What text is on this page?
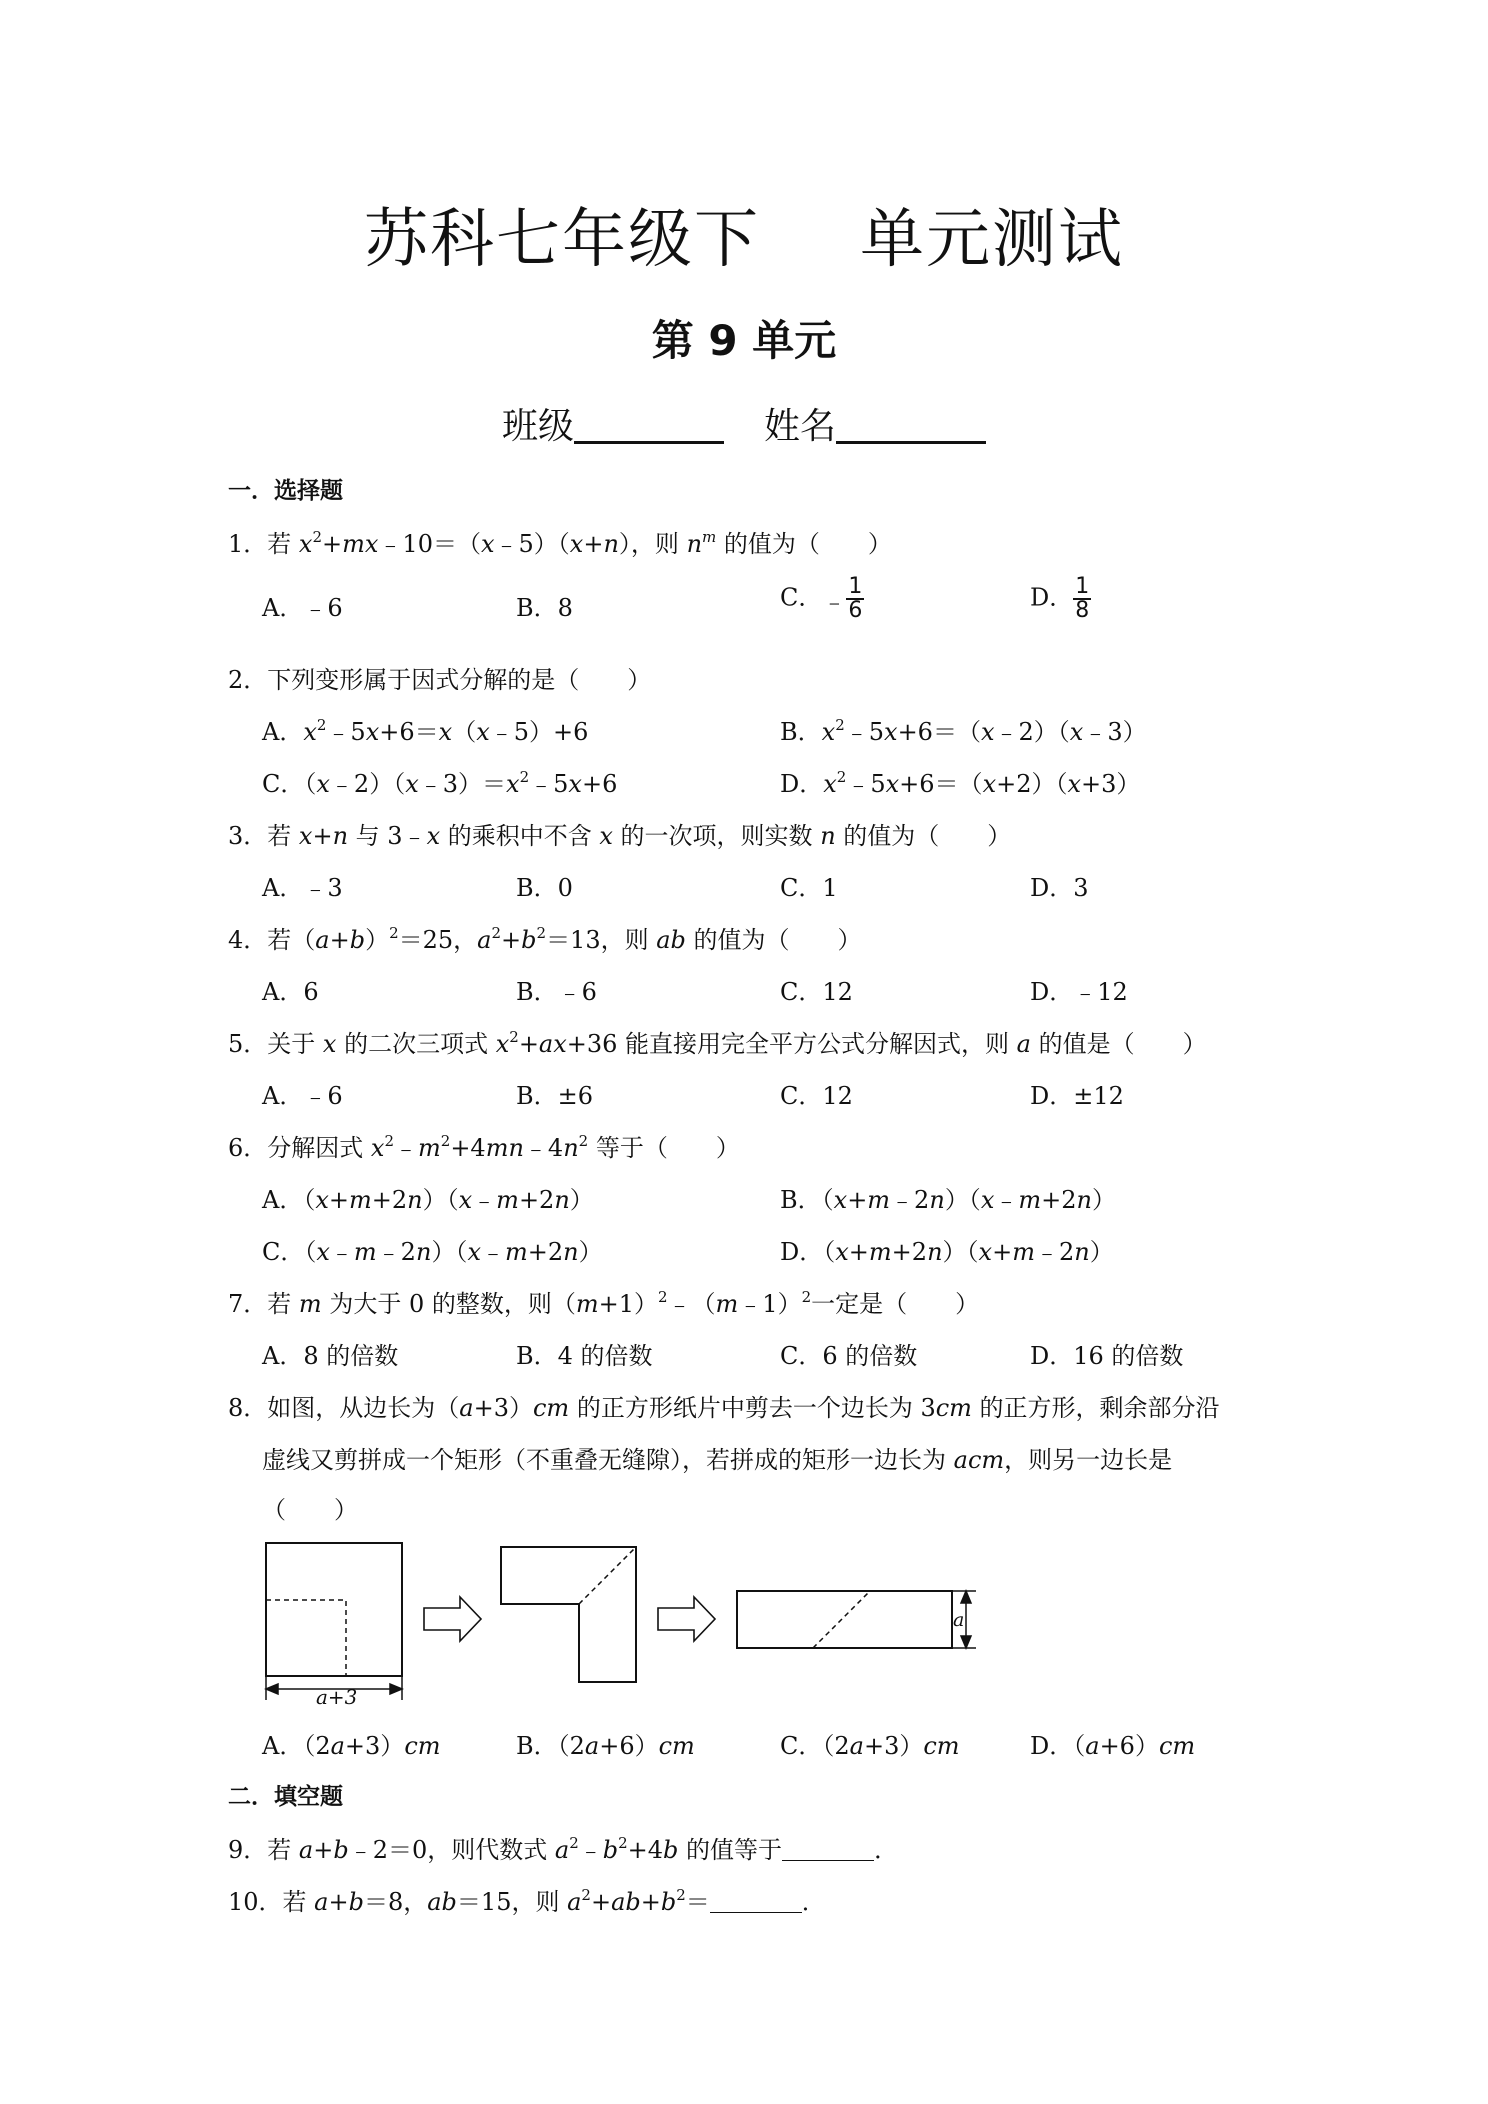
苏科七年级下 单元测试
第 9 单元
班级	姓名
一．选择题
1．若 $x^2+mx﹣10=(x﹣5)(x+n)$，则 $n^m$ 的值为（　　）
A．﹣6	B．8	C．﹣ $\frac{1}{6}$	D． $\frac{1}{8}$
2．下列变形属于因式分解的是（　　）
A．$x^2﹣5x+6=x(x﹣5)+6$	B．$x^2﹣5x+6=(x﹣2)(x﹣3)$
C．$(x﹣2)(x﹣3)=x^2﹣5x+6$	D．$x^2﹣5x+6=(x+2)(x+3)$
3．若 x+n 与 3﹣x 的乘积中不含 x 的一次项，则实数 n 的值为（　　）
A．﹣3	B．0	C．1	D．3
4．若$(a+b)^2=25$，$a^2+b^2=13$，则 ab 的值为（　　）
A．6	B．﹣6	C．12	D．﹣12
5．关于 x 的二次三项式 $x^2+ax+36$ 能直接用完全平方公式分解因式，则 a 的值是（　　）
A．﹣6	B．±6	C．12	D．±12
6．分解因式 $x^2﹣m^2+4mn﹣4n^2$ 等于（　　）
A．（x+m+2n）（x﹣m+2n）	B．（x+m﹣2n）（x﹣m+2n）
C．（x﹣m﹣2n）（x﹣m+2n）	D．（x+m+2n）（x+m﹣2n）
7．若 m 为大于 0 的整数，则$(m+1)^2﹣(m﹣1)^2$一定是（　　）
A．8 的倍数	B．4 的倍数	C．6 的倍数	D．16 的倍数
8．如图，从边长为（a+3）cm 的正方形纸片中剪去一个边长为 3cm 的正方形，剩余部分沿
虚线又剪拼成一个矩形（不重叠无缝隙），若拼成的矩形一边长为 acm，则另一边长是
（　　）
a+3
a
A．（2a+3）cm	B．（2a+6）cm	C．（2a+3）cm	D．（a+6）cm
二．填空题
9．若 a+b﹣2＝0，则代数式 $a^2﹣b^2+4b$ 的值等于	．
10．若 a+b＝8，ab＝15，则 $a^2+ab+b^2=$	．
